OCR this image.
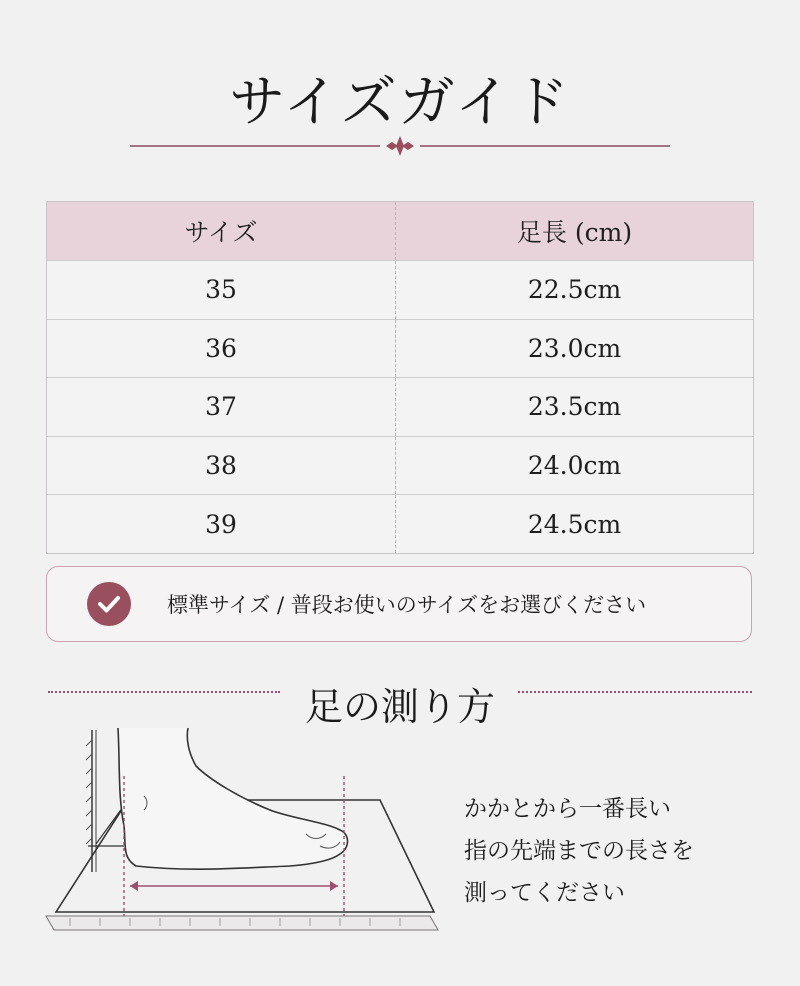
サイズガイド
サイズ	足長 (cm)
35	22.5cm
36	23.0cm
37	23.5cm
38	24.0cm
39	24.5cm
標準サイズ / 普段お使いのサイズをお選びください
足の測り方
かかとから一番長い
指の先端までの長さを
測ってください
